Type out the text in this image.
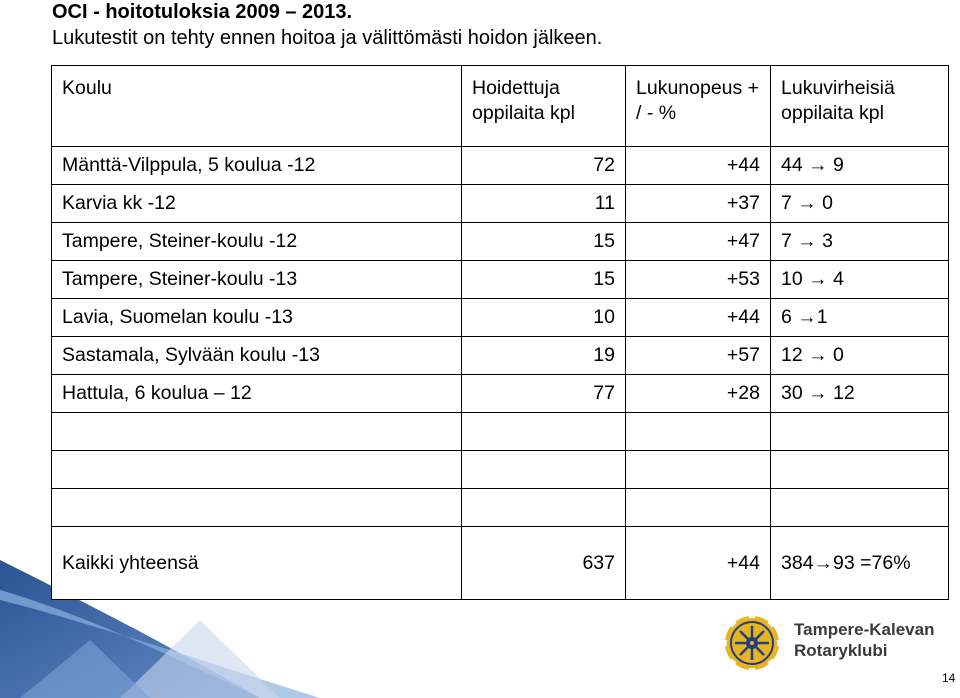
OCI - hoitotuloksia 2009 – 2013.
Lukutestit on tehty ennen hoitoa ja välittömästi hoidon jälkeen.
Koulu	Hoidettuja oppilaita kpl	Lukunopeus + / - %	Lukuvirheisiä oppilaita kpl
Mänttä-Vilppula, 5 koulua -12	72	+44	44 → 9
Karvia kk -12	11	+37	7 → 0
Tampere, Steiner-koulu -12	15	+47	7 → 3
Tampere, Steiner-koulu -13	15	+53	10 → 4
Lavia, Suomelan koulu -13	10	+44	6 →1
Sastamala, Sylvään koulu -13	19	+57	12 → 0
Hattula, 6 koulua – 12	77	+28	30 → 12

Kaikki yhteensä	637	+44	384→93 =76%
Tampere-Kalevan
Rotaryklubi
14
